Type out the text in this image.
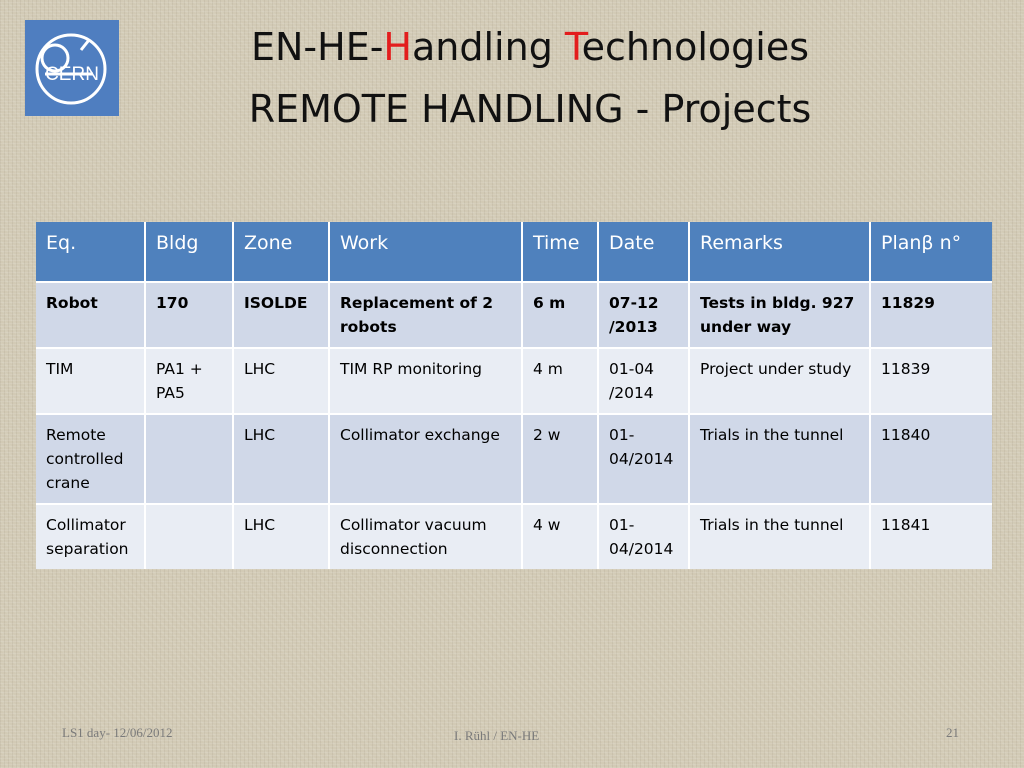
CERN
EN-HE-Handling Technologies
REMOTE HANDLING - Projects
Eq.	Bldg	Zone	Work	Time	Date	Remarks	Planβ n°
Robot	170	ISOLDE	Replacement of 2 robots	6 m	07-12 /2013	Tests in bldg. 927 under way	11829
TIM	PA1 + PA5	LHC	TIM RP monitoring	4 m	01-04 /2014	Project under study	11839
Remote controlled crane		LHC	Collimator exchange	2 w	01-04/2014	Trials in the tunnel	11840
Collimator separation		LHC	Collimator vacuum disconnection	4 w	01-04/2014	Trials in the tunnel	11841
LS1 day- 12/06/2012	I. Rühl / EN-HE	21
